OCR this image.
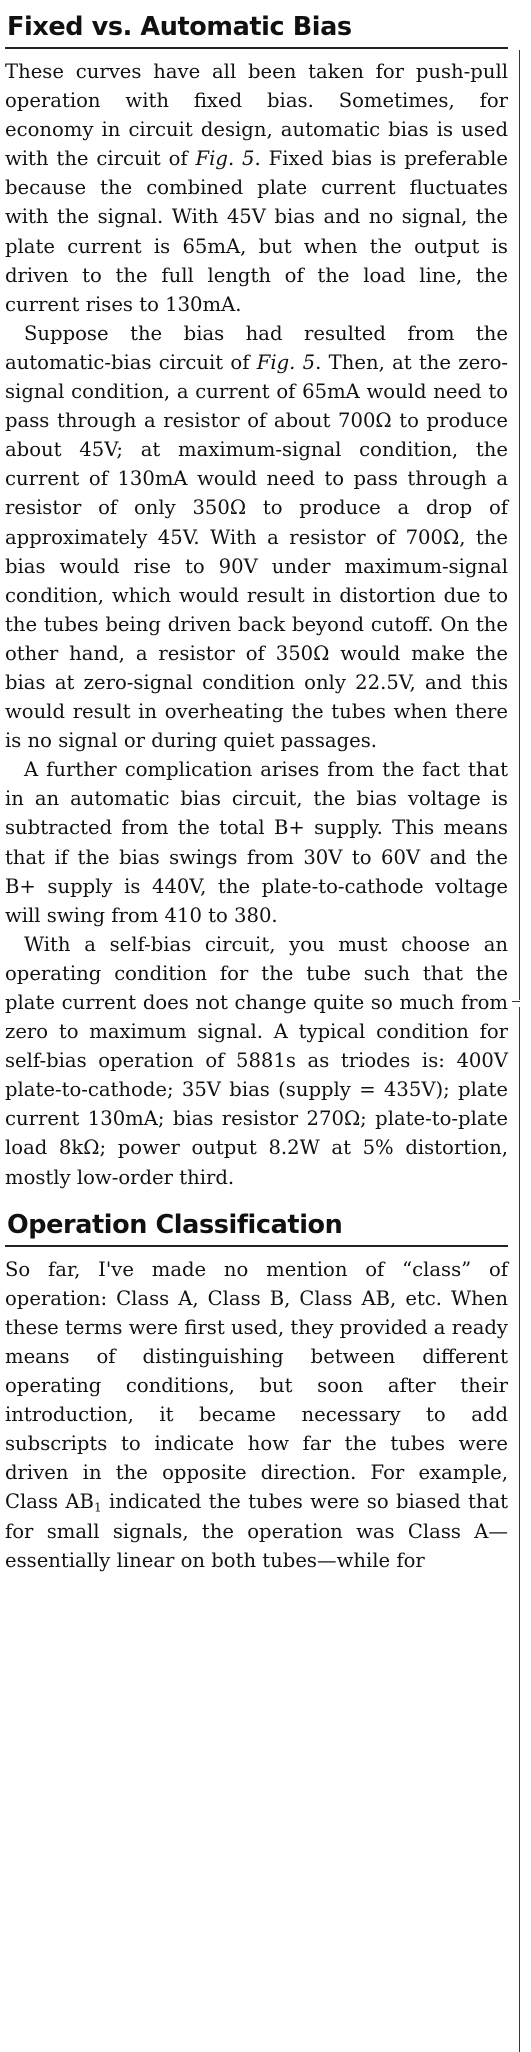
Fixed vs. Automatic Bias

These curves have all been taken for push-pull operation with fixed bias. Sometimes, for economy in circuit design, automatic bias is used with the circuit of Fig. 5. Fixed bias is preferable because the combined plate current fluctuates with the signal. With 45V bias and no signal, the plate current is 65mA, but when the output is driven to the full length of the load line, the current rises to 130mA.

Suppose the bias had resulted from the automatic-bias circuit of Fig. 5. Then, at the zero-signal condition, a current of 65mA would need to pass through a resistor of about 700Ω to produce about 45V; at maximum-signal condition, the current of 130mA would need to pass through a resistor of only 350Ω to produce a drop of approximately 45V. With a resistor of 700Ω, the bias would rise to 90V under maximum-signal condition, which would result in distortion due to the tubes being driven back beyond cutoff. On the other hand, a resistor of 350Ω would make the bias at zero-signal condition only 22.5V, and this would result in overheating the tubes when there is no signal or during quiet passages.

A further complication arises from the fact that in an automatic bias circuit, the bias voltage is subtracted from the total B+ supply. This means that if the bias swings from 30V to 60V and the B+ supply is 440V, the plate-to-cathode voltage will swing from 410 to 380.

With a self-bias circuit, you must choose an operating condition for the tube such that the plate current does not change quite so much from zero to maximum signal. A typical condition for self-bias operation of 5881s as triodes is: 400V plate-to-cathode; 35V bias (supply = 435V); plate current 130mA; bias resistor 270Ω; plate-to-plate load 8kΩ; power output 8.2W at 5% distortion, mostly low-order third.

Operation Classification

So far, I've made no mention of “class” of operation: Class A, Class B, Class AB, etc. When these terms were first used, they provided a ready means of distinguishing between different operating conditions, but soon after their introduction, it became necessary to add subscripts to indicate how far the tubes were driven in the opposite direction. For example, Class $AB_1$ indicated the tubes were so biased that for small signals, the operation was Class A—essentially linear on both tubes—while for
